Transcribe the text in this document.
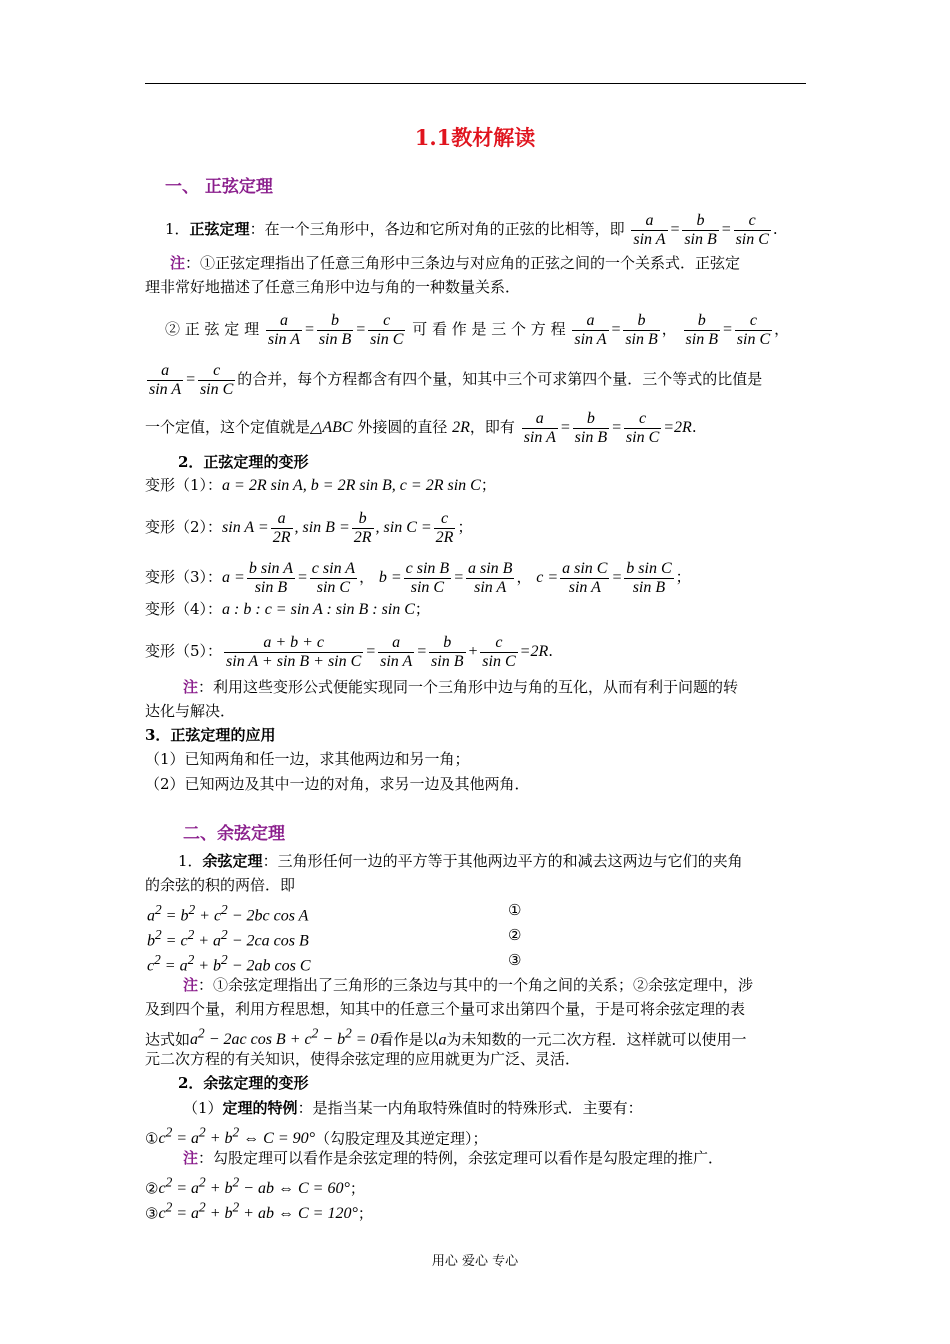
1.1教材解读
一、 正弦定理
1．正弦定理：在一个三角形中，各边和它所对角的正弦的比相等，即 $\frac{a}{\text{sin A}} = \frac{b}{\text{sin B}} = \frac{c}{\text{sin C}}$ .
注：①正弦定理指出了任意三角形中三条边与对应角的正弦之间的一个关系式．正弦定
理非常好地描述了任意三角形中边与角的一种数量关系．
② 正 弦 定 理 $\frac{a}{\text{sin A}} = \frac{b}{\text{sin B}} = \frac{c}{\text{sin C}}$ 可 看 作 是 三 个 方 程 $\frac{a}{\text{sin A}} = \frac{b}{\text{sin B}}$ ， $\frac{b}{\text{sin B}} = \frac{c}{\text{sin C}}$ ，
$\frac{a}{\text{sin A}} = \frac{c}{\text{sin C}}$ 的合并，每个方程都含有四个量，知其中三个可求第四个量．三个等式的比值是
一个定值，这个定值就是△ABC 外接圆的直径 2R，即有 $\frac{a}{\text{sin A}} = \frac{b}{\text{sin B}} = \frac{c}{\text{sin C}} =2R$.
2．正弦定理的变形
变形（1）：a = 2R sin A, b = 2R sin B, c = 2R sin C；
变形（2）：$\sin A = \frac{a}{2R}$ , $\sin B = \frac{b}{2R}$ , $\sin C = \frac{c}{2R}$ ；
变形（3）：$a = \frac{\text{b sin A}}{\text{sin B}} = \frac{\text{c sin A}}{\text{sin C}}$ ， $b = \frac{\text{c sin B}}{\text{sin C}} = \frac{\text{a sin B}}{\text{sin A}}$ ， $c = \frac{\text{a sin C}}{\text{sin A}} = \frac{\text{b sin C}}{\text{sin B}}$ ；
变形（4）：a : b : c = sin A : sin B : sin C；
变形（5）： $\frac{a + b + c}{\text{sin A + sin B + sin C}} = \frac{a}{\text{sin A}} = \frac{b}{\text{sin B}} + \frac{c}{\text{sin C}} =2R$.
注：利用这些变形公式便能实现同一个三角形中边与角的互化，从而有利于问题的转
达化与解决．
3．正弦定理的应用
（1）已知两角和任一边，求其他两边和另一角；
（2）已知两边及其中一边的对角，求另一边及其他两角．
二、余弦定理
1．余弦定理：三角形任何一边的平方等于其他两边平方的和减去这两边与它们的夹角
的余弦的积的两倍．即
$a^2 = b^2 + c^2 - 2bc$ cos A
$b^2 = c^2 + a^2 - 2ca$ cos B
$c^2 = a^2 + b^2 - 2ab$ cos C
①
②
③
注：①余弦定理指出了三角形的三条边与其中的一个角之间的关系；②余弦定理中，涉
及到四个量，利用方程思想，知其中的任意三个量可求出第四个量，于是可将余弦定理的表
达式如$a^2 - 2ac$ $\cos B + c^2 - b^2 = 0$看作是以a为未知数的一元二次方程．这样就可以使用一
元二次方程的有关知识，使得余弦定理的应用就更为广泛、灵活．
2．余弦定理的变形
（1）定理的特例：是指当某一内角取特殊值时的特殊形式．主要有：
$①c^2 = a^2 + b^2$ ⇔ C = 90°（勾股定理及其逆定理）；
注：勾股定理可以看作是余弦定理的特例，余弦定理可以看作是勾股定理的推广．
$②c^2 = a^2 + b^2$ − ab ⇔ C = 60°；
$③c^2 = a^2 + b^2$ + ab ⇔ C = 120°；
用心 爱心 专心
